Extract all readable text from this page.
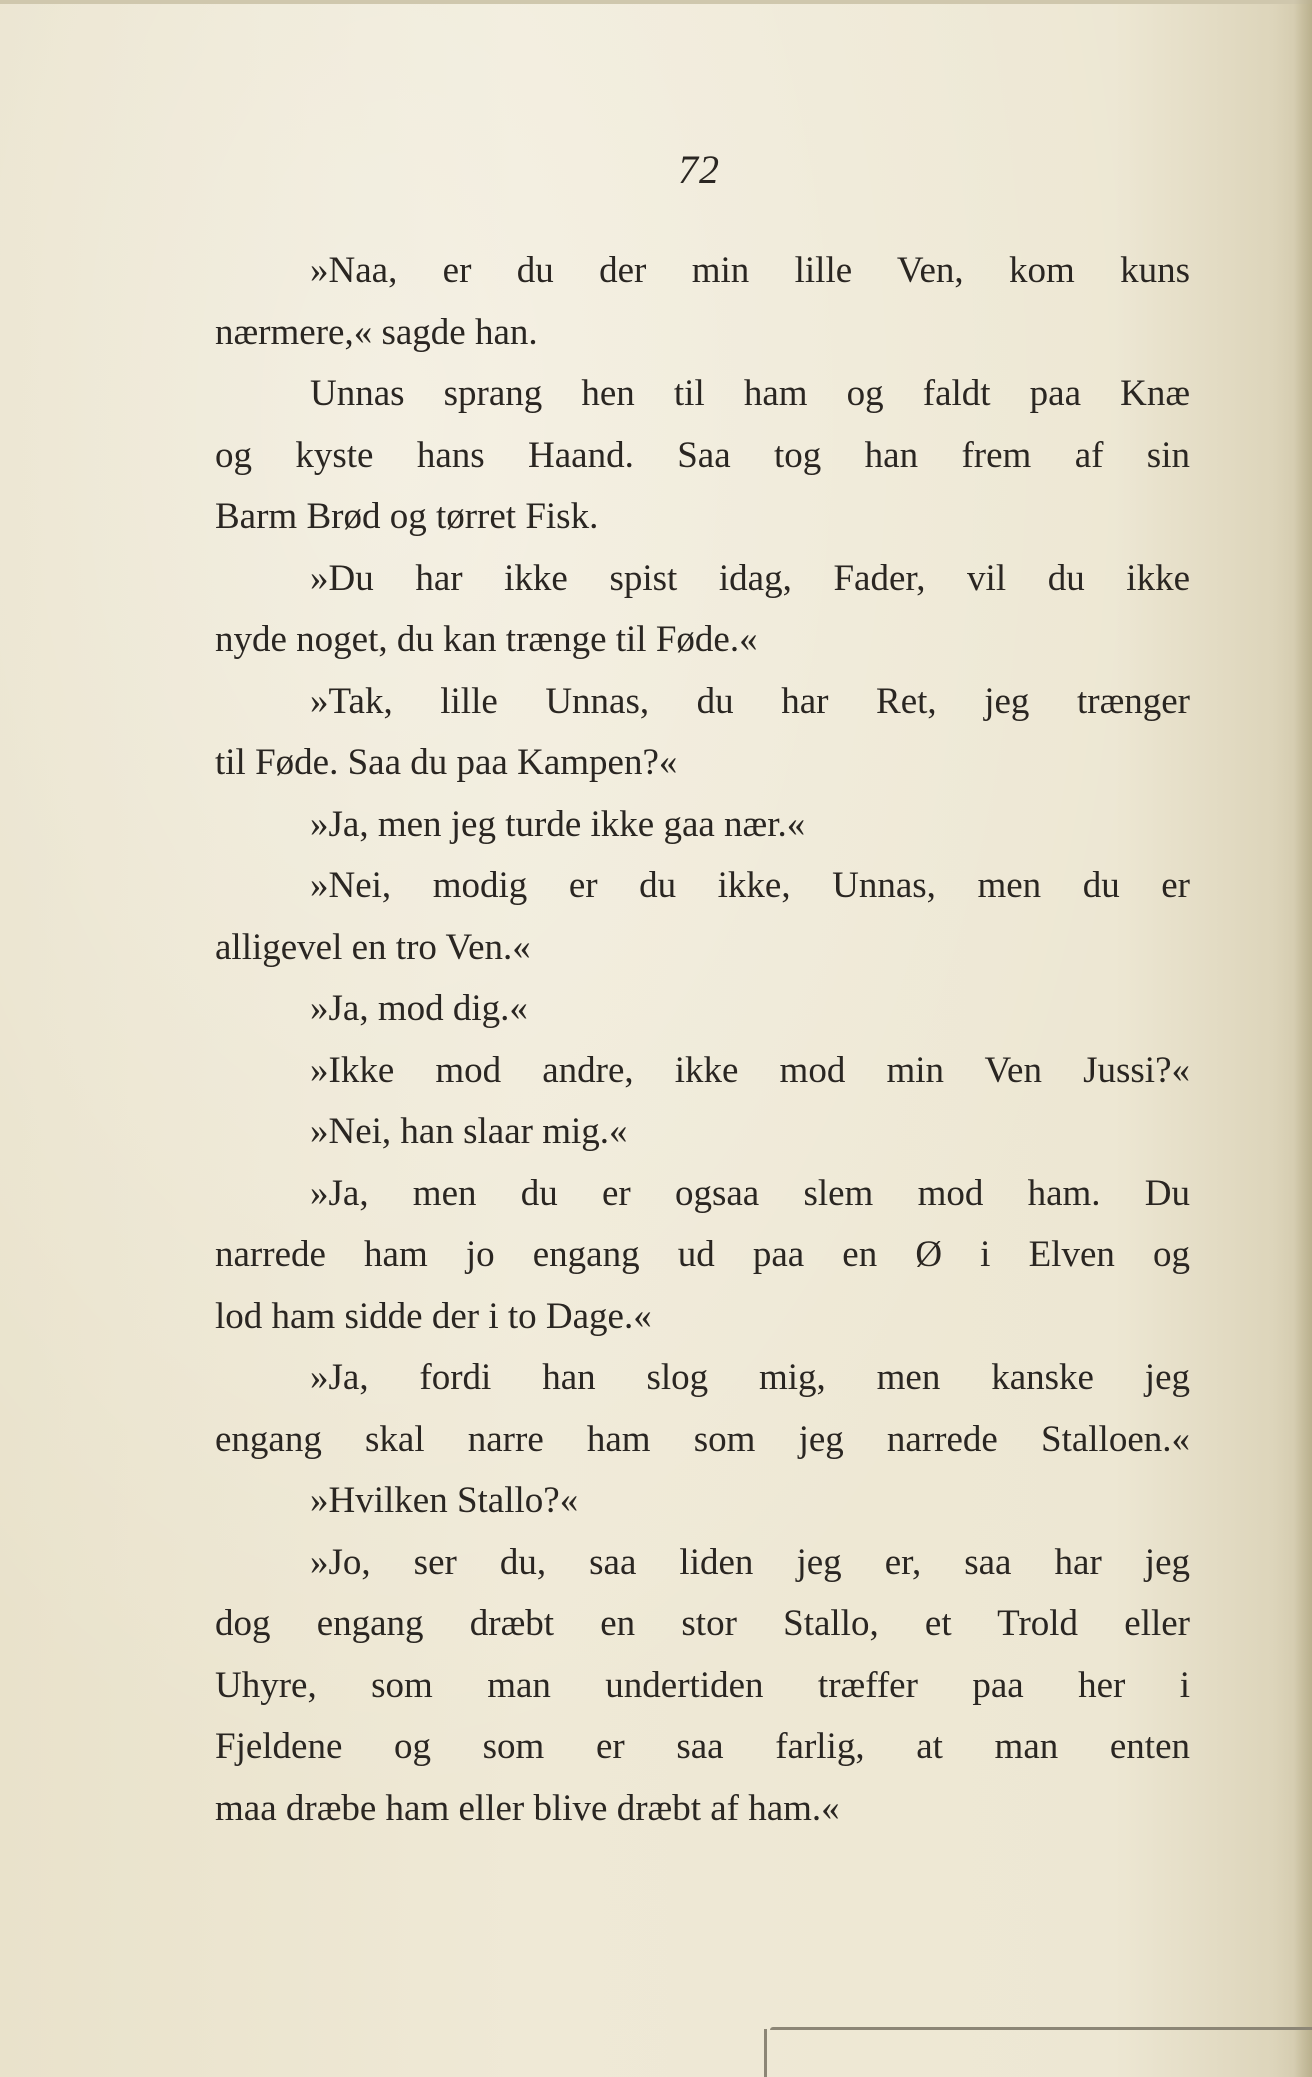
72
»Naa, er du der min lille Ven, kom kuns
nærmere,« sagde han.
Unnas sprang hen til ham og faldt paa Knæ
og kyste hans Haand. Saa tog han frem af sin
Barm Brød og tørret Fisk.
»Du har ikke spist idag, Fader, vil du ikke
nyde noget, du kan trænge til Føde.«
»Tak, lille Unnas, du har Ret, jeg trænger
til Føde. Saa du paa Kampen?«
»Ja, men jeg turde ikke gaa nær.«
»Nei, modig er du ikke, Unnas, men du er
alligevel en tro Ven.«
»Ja, mod dig.«
»Ikke mod andre, ikke mod min Ven Jussi?«
»Nei, han slaar mig.«
»Ja, men du er ogsaa slem mod ham. Du
narrede ham jo engang ud paa en Ø i Elven og
lod ham sidde der i to Dage.«
»Ja, fordi han slog mig, men kanske jeg
engang skal narre ham som jeg narrede Stalloen.«
»Hvilken Stallo?«
»Jo, ser du, saa liden jeg er, saa har jeg
dog engang dræbt en stor Stallo, et Trold eller
Uhyre, som man undertiden træffer paa her i
Fjeldene og som er saa farlig, at man enten
maa dræbe ham eller blive dræbt af ham.«
